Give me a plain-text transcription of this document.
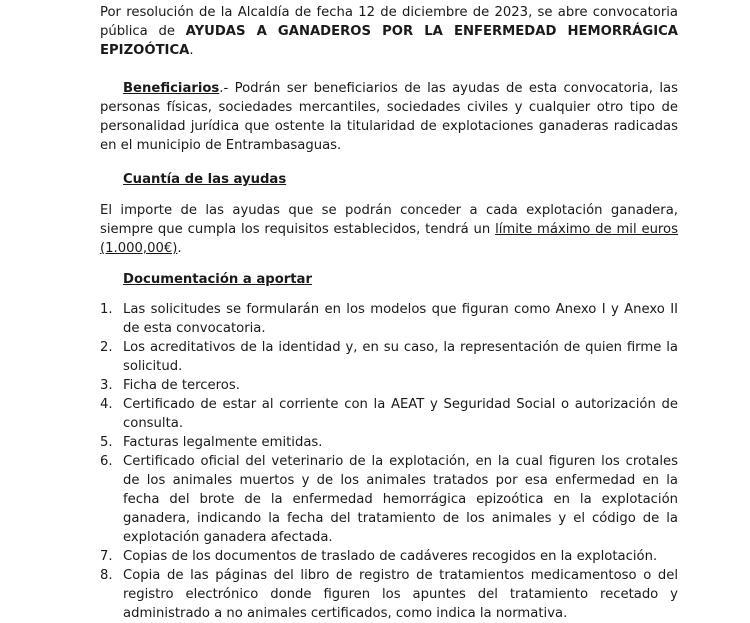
Por resolución de la Alcaldía de fecha 12 de diciembre de 2023, se abre convocatoria pública de AYUDAS A GANADEROS POR LA ENFERMEDAD HEMORRÁGICA EPIZOÓTICA.

Beneficiarios.- Podrán ser beneficiarios de las ayudas de esta convocatoria, las personas físicas, sociedades mercantiles, sociedades civiles y cualquier otro tipo de personalidad jurídica que ostente la titularidad de explotaciones ganaderas radicadas en el municipio de Entrambasaguas.

Cuantía de las ayudas

El importe de las ayudas que se podrán conceder a cada explotación ganadera, siempre que cumpla los requisitos establecidos, tendrá un límite máximo de mil euros (1.000,00€).

Documentación a aportar
1. Las solicitudes se formularán en los modelos que figuran como Anexo I y Anexo II de esta convocatoria.
2. Los acreditativos de la identidad y, en su caso, la representación de quien firme la solicitud.
3. Ficha de terceros.
4. Certificado de estar al corriente con la AEAT y Seguridad Social o autorización de consulta.
5. Facturas legalmente emitidas.
6. Certificado oficial del veterinario de la explotación, en la cual figuren los crotales de los animales muertos y de los animales tratados por esa enfermedad en la fecha del brote de la enfermedad hemorrágica epizoótica en la explotación ganadera, indicando la fecha del tratamiento de los animales y el código de la explotación ganadera afectada.
7. Copias de los documentos de traslado de cadáveres recogidos en la explotación.
8. Copia de las páginas del libro de registro de tratamientos medicamentoso o del registro electrónico donde figuren los apuntes del tratamiento recetado y administrado a no animales certificados, como indica la normativa.
